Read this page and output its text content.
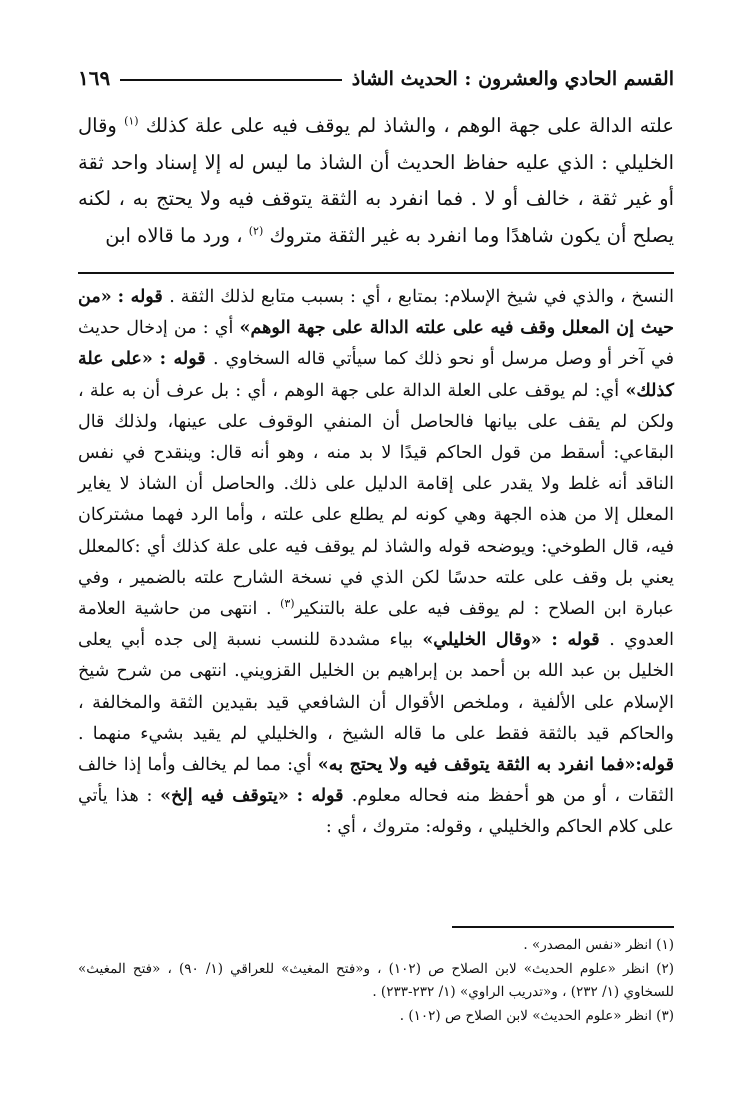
القسم الحادي والعشرون : الحديث الشاذ
١٦٩

علته الدالة على جهة الوهم ، والشاذ لم يوقف فيه على علة كذلك $^{(١)}$ وقال الخليلي : الذي عليه حفاظ الحديث أن الشاذ ما ليس له إلا إسناد واحد ثقة أو غير ثقة ، خالف أو لا . فما انفرد به الثقة يتوقف فيه ولا يحتج به ، لكنه يصلح أن يكون شاهدًا وما انفرد به غير الثقة متروك $^{(٢)}$ ، ورد ما قالاه ابن

النسخ ، والذي في شيخ الإسلام: بمتابع ، أي : بسبب متابع لذلك الثقة . قوله : «من حيث إن المعلل وقف فيه على علته الدالة على جهة الوهم» أي : من إدخال حديث في آخر أو وصل مرسل أو نحو ذلك كما سيأتي قاله السخاوي . قوله : «على علة كذلك» أي: لم يوقف على العلة الدالة على جهة الوهم ، أي : بل عرف أن به علة ، ولكن لم يقف على بيانها فالحاصل أن المنفي الوقوف على عينها، ولذلك قال البقاعي: أسقط من قول الحاكم قيدًا لا بد منه ، وهو أنه قال: وينقدح في نفس الناقد أنه غلط ولا يقدر على إقامة الدليل على ذلك. والحاصل أن الشاذ لا يغاير المعلل إلا من هذه الجهة وهي كونه لم يطلع على علته ، وأما الرد فهما مشتركان فيه، قال الطوخي: ويوضحه قوله والشاذ لم يوقف فيه على علة كذلك أي :كالمعلل يعني بل وقف على علته حدسًا لكن الذي في نسخة الشارح علته بالضمير ، وفي عبارة ابن الصلاح : لم يوقف فيه على علة بالتنكير$^{(٣)}$ . انتهى من حاشية العلامة العدوي . قوله : «وقال الخليلي» بياء مشددة للنسب نسبة إلى جده أبي يعلى الخليل بن عبد الله بن أحمد بن إبراهيم بن الخليل القزويني. انتهى من شرح شيخ الإسلام على الألفية ، وملخص الأقوال أن الشافعي قيد بقيدين الثقة والمخالفة ، والحاكم قيد بالثقة فقط على ما قاله الشيخ ، والخليلي لم يقيد بشيء منهما . قوله:«فما انفرد به الثقة يتوقف فيه ولا يحتج به» أي: مما لم يخالف وأما إذا خالف الثقات ، أو من هو أحفظ منه فحاله معلوم. قوله : «يتوقف فيه إلخ» : هذا يأتي على كلام الحاكم والخليلي ، وقوله: متروك ، أي :

(١) انظر «نفس المصدر» .

(٢) انظر «علوم الحديث» لابن الصلاح ص (١٠٢) ، و«فتح المغيث» للعراقي (١/ ٩٠) ، «فتح المغيث» للسخاوي (١/ ٢٣٢) ، و«تدريب الراوي» (١/ ٢٣٢-٢٣٣) .

(٣) انظر «علوم الحديث» لابن الصلاح ص (١٠٢) .
